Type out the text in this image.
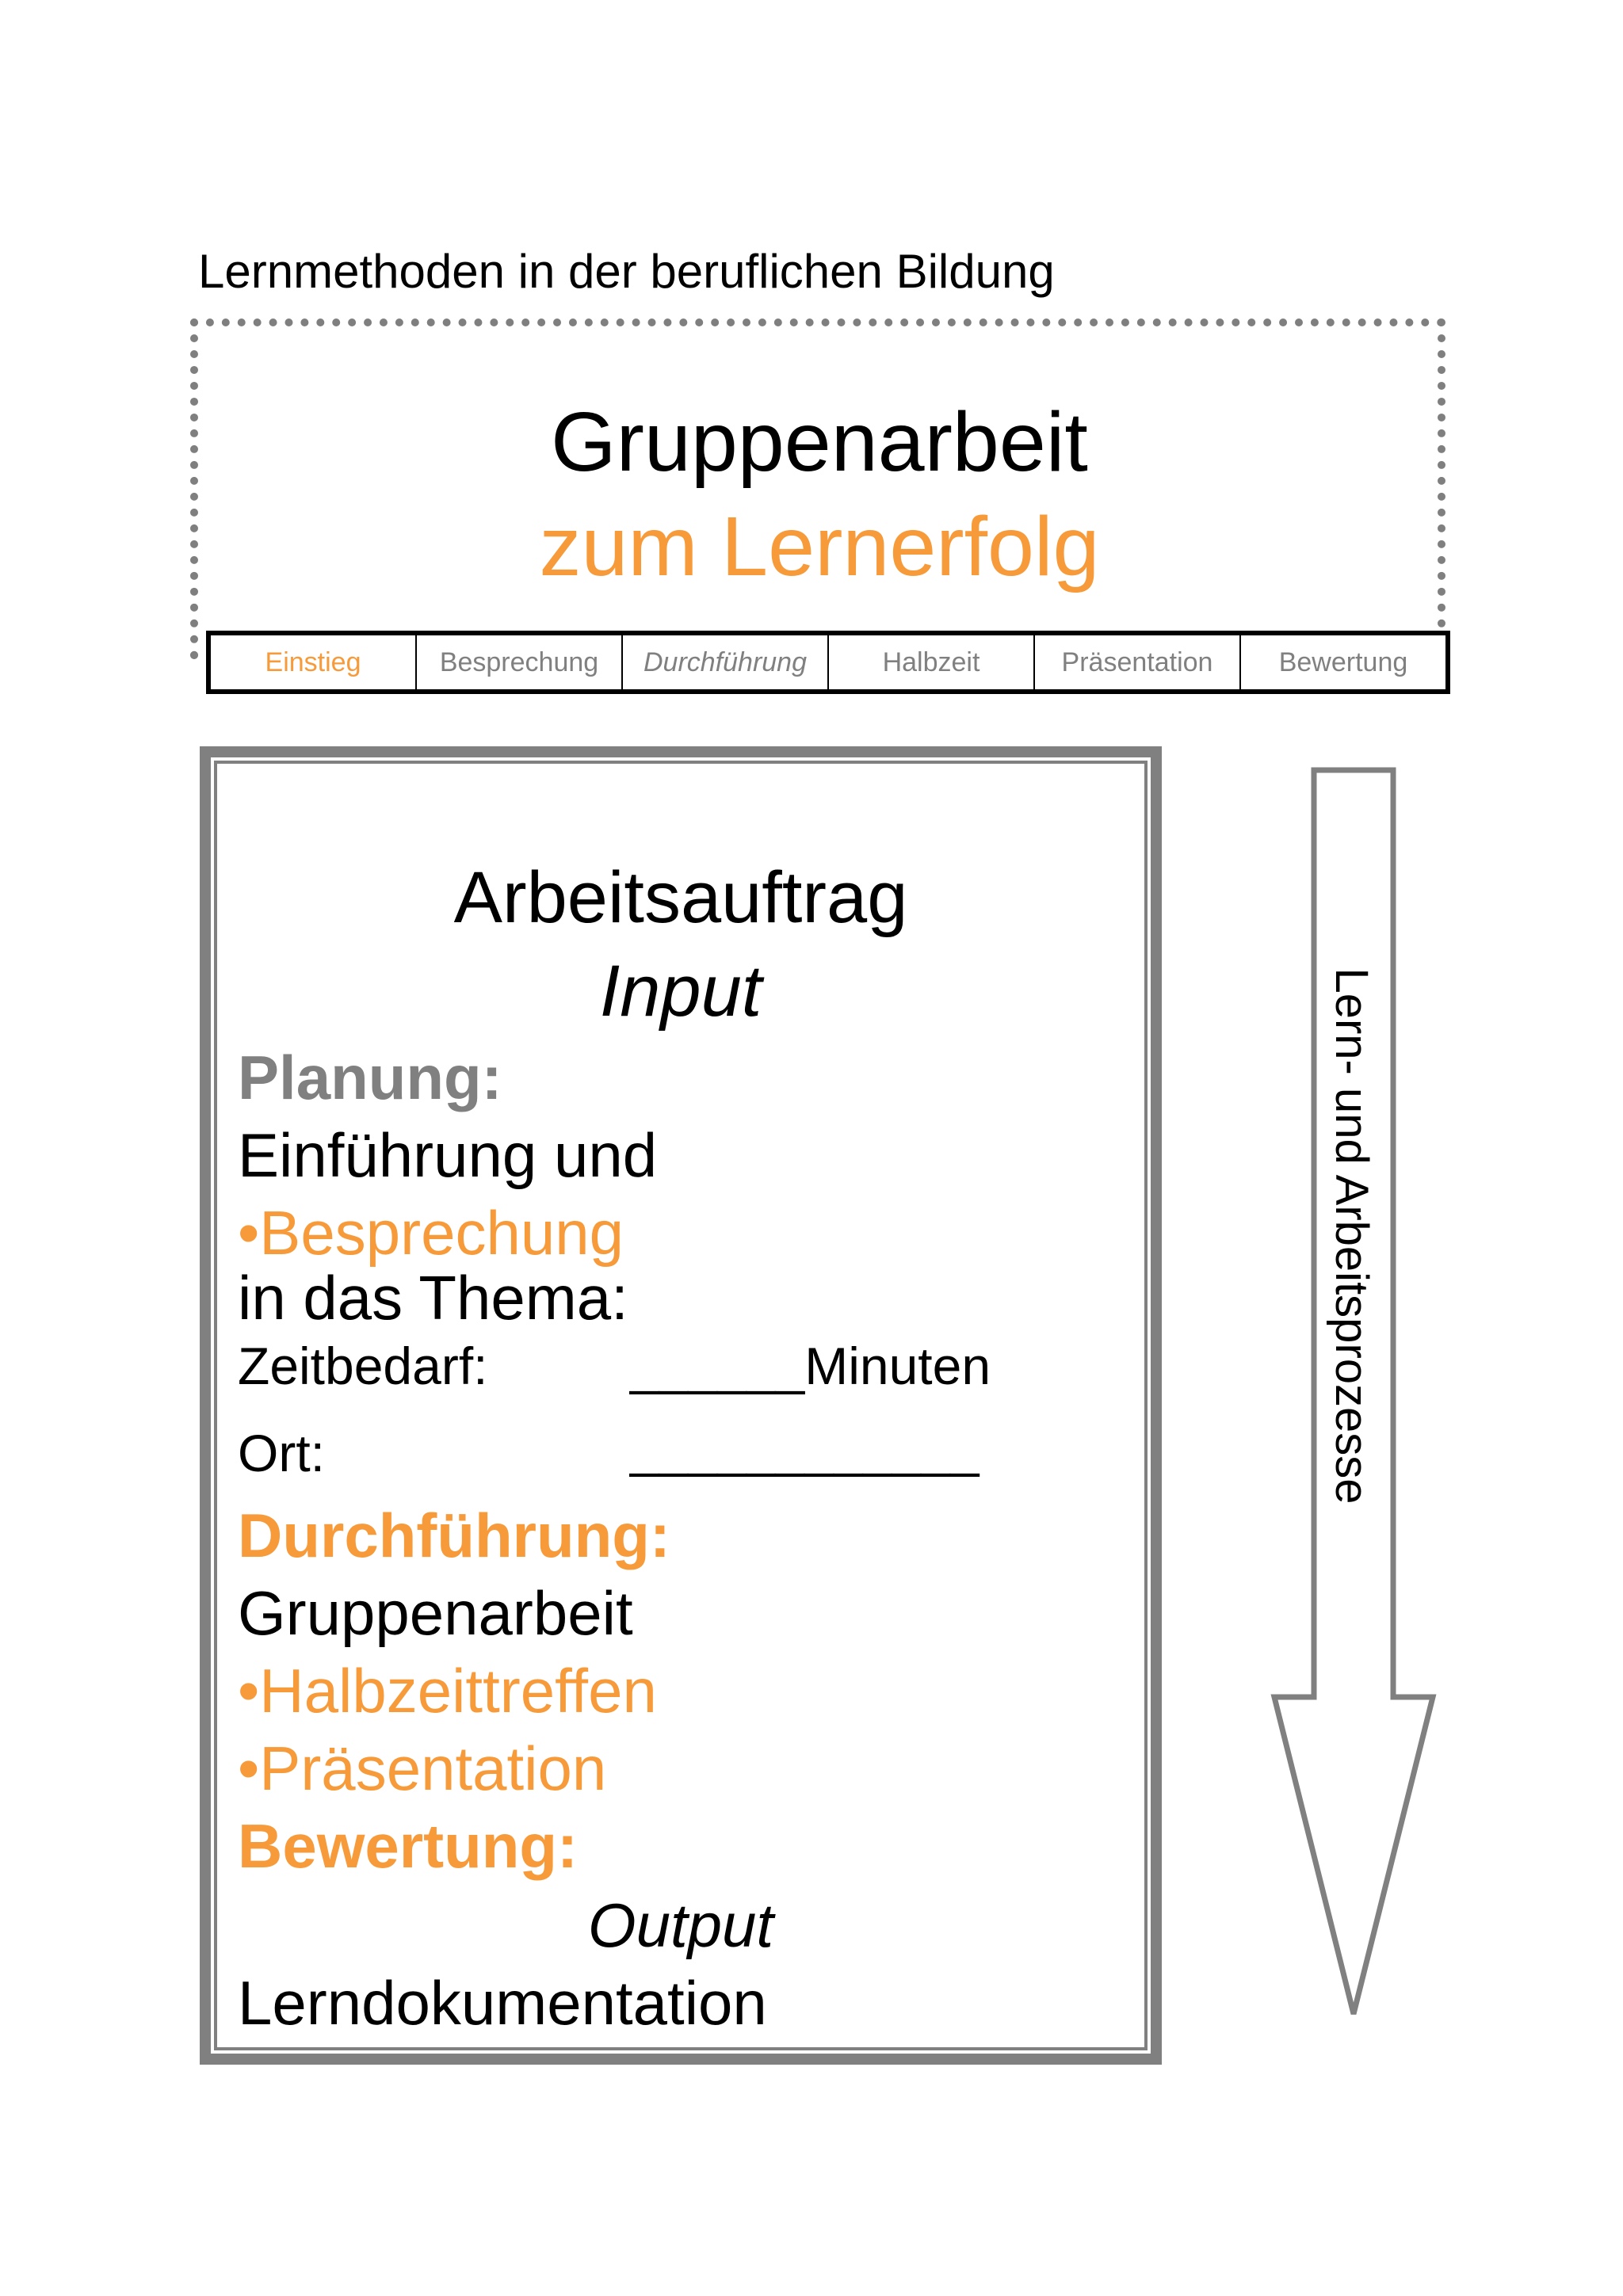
Lernmethoden in der beruflichen Bildung
Gruppenarbeit
zum Lernerfolg
Einstieg	Besprechung	Durchführung	Halbzeit	Präsentation	Bewertung
Arbeitsauftrag
Input
Planung:
Einführung und
•Besprechung
in das Thema:
Zeitbedarf:	______Minuten
Ort:	____________
Durchführung:
Gruppenarbeit
•Halbzeittreffen
•Präsentation
Bewertung:
Output
Lerndokumentation
Lern- und Arbeitsprozesse
